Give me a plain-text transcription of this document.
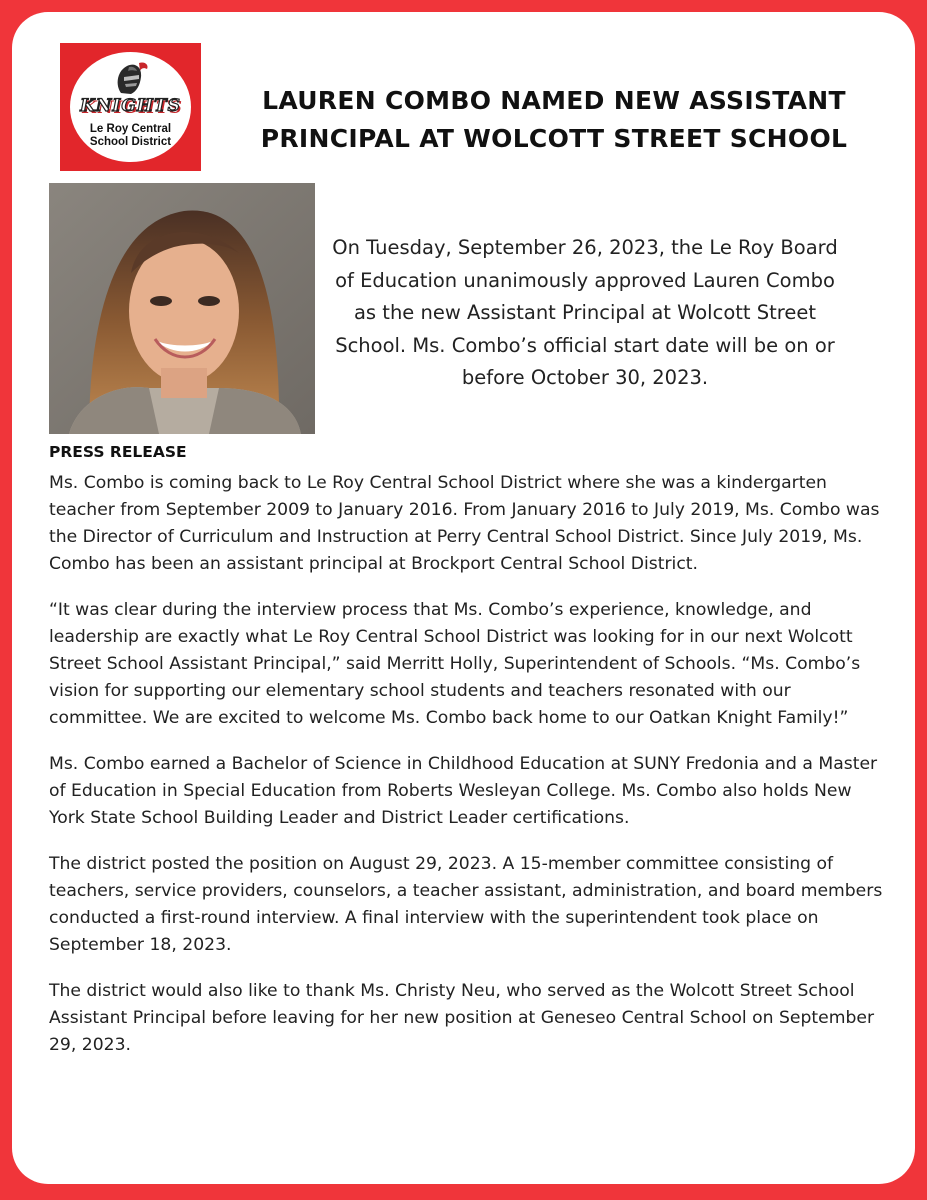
KNIGHTS
Le Roy Central
School District
LAUREN COMBO NAMED NEW ASSISTANT
PRINCIPAL AT WOLCOTT STREET SCHOOL
On Tuesday, September 26, 2023, the Le Roy Board of Education unanimously approved Lauren Combo as the new Assistant Principal at Wolcott Street School. Ms. Combo’s official start date will be on or before October 30, 2023.
PRESS RELEASE

Ms. Combo is coming back to Le Roy Central School District where she was a kindergarten teacher from September 2009 to January 2016. From January 2016 to July 2019, Ms. Combo was the Director of Curriculum and Instruction at Perry Central School District. Since July 2019, Ms. Combo has been an assistant principal at Brockport Central School District.

“It was clear during the interview process that Ms. Combo’s experience, knowledge, and leadership are exactly what Le Roy Central School District was looking for in our next Wolcott Street School Assistant Principal,” said Merritt Holly, Superintendent of Schools. “Ms. Combo’s vision for supporting our elementary school students and teachers resonated with our committee. We are excited to welcome Ms. Combo back home to our Oatkan Knight Family!”

Ms. Combo earned a Bachelor of Science in Childhood Education at SUNY Fredonia and a Master of Education in Special Education from Roberts Wesleyan College. Ms. Combo also holds New York State School Building Leader and District Leader certifications.

The district posted the position on August 29, 2023. A 15-member committee consisting of teachers, service providers, counselors, a teacher assistant, administration, and board members conducted a first-round interview. A final interview with the superintendent took place on September 18, 2023.

The district would also like to thank Ms. Christy Neu, who served as the Wolcott Street School Assistant Principal before leaving for her new position at Geneseo Central School on September 29, 2023.
